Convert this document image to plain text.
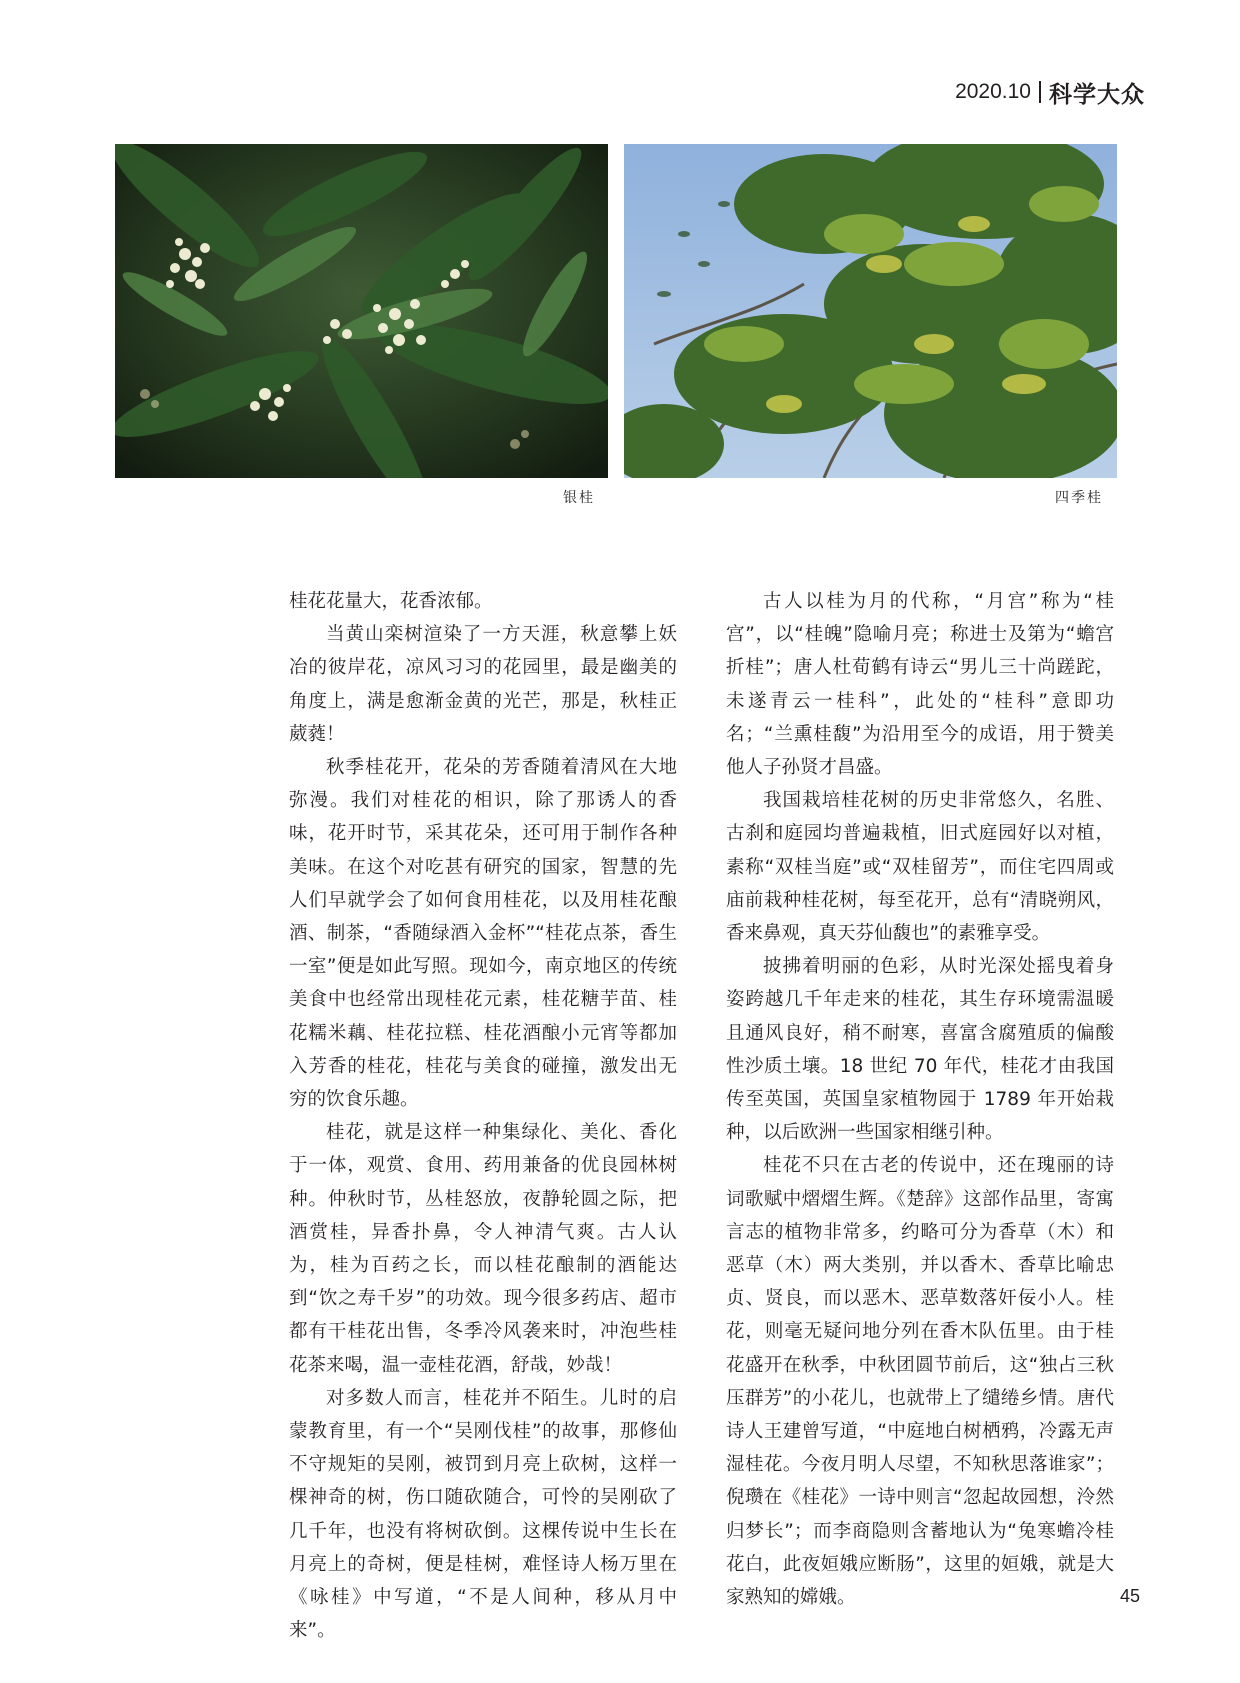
2020.10 科学大众
银桂	四季桂

桂花花量大，花香浓郁。

当黄山栾树渲染了一方天涯，秋意攀上妖冶的彼岸花，凉风习习的花园里，最是幽美的角度上，满是愈渐金黄的光芒，那是，秋桂正葳蕤！

秋季桂花开，花朵的芳香随着清风在大地弥漫。我们对桂花的相识，除了那诱人的香味，花开时节，采其花朵，还可用于制作各种美味。在这个对吃甚有研究的国家，智慧的先人们早就学会了如何食用桂花，以及用桂花酿酒、制茶，“香随绿酒入金杯”“桂花点茶，香生一室”便是如此写照。现如今，南京地区的传统美食中也经常出现桂花元素，桂花糖芋苗、桂花糯米藕、桂花拉糕、桂花酒酿小元宵等都加入芳香的桂花，桂花与美食的碰撞，激发出无穷的饮食乐趣。

桂花，就是这样一种集绿化、美化、香化于一体，观赏、食用、药用兼备的优良园林树种。仲秋时节，丛桂怒放，夜静轮圆之际，把酒赏桂，异香扑鼻，令人神清气爽。古人认为，桂为百药之长，而以桂花酿制的酒能达到“饮之寿千岁”的功效。现今很多药店、超市都有干桂花出售，冬季冷风袭来时，冲泡些桂花茶来喝，温一壶桂花酒，舒哉，妙哉！

对多数人而言，桂花并不陌生。儿时的启蒙教育里，有一个“吴刚伐桂”的故事，那修仙不守规矩的吴刚，被罚到月亮上砍树，这样一棵神奇的树，伤口随砍随合，可怜的吴刚砍了几千年，也没有将树砍倒。这棵传说中生长在月亮上的奇树，便是桂树，难怪诗人杨万里在《咏桂》中写道，“不是人间种，移从月中来”。

古人以桂为月的代称，“月宫”称为“桂宫”，以“桂魄”隐喻月亮；称进士及第为“蟾宫折桂”；唐人杜荀鹤有诗云“男儿三十尚蹉跎，未遂青云一桂科”，此处的“桂科”意即功名；“兰熏桂馥”为沿用至今的成语，用于赞美他人子孙贤才昌盛。

我国栽培桂花树的历史非常悠久，名胜、古刹和庭园均普遍栽植，旧式庭园好以对植，素称“双桂当庭”或“双桂留芳”，而住宅四周或庙前栽种桂花树，每至花开，总有“清晓朔风，香来鼻观，真天芬仙馥也”的素雅享受。

披拂着明丽的色彩，从时光深处摇曳着身姿跨越几千年走来的桂花，其生存环境需温暖且通风良好，稍不耐寒，喜富含腐殖质的偏酸性沙质土壤。18 世纪 70 年代，桂花才由我国传至英国，英国皇家植物园于 1789 年开始栽种，以后欧洲一些国家相继引种。

桂花不只在古老的传说中，还在瑰丽的诗词歌赋中熠熠生辉。《楚辞》这部作品里，寄寓言志的植物非常多，约略可分为香草（木）和恶草（木）两大类别，并以香木、香草比喻忠贞、贤良，而以恶木、恶草数落奸佞小人。桂花，则毫无疑问地分列在香木队伍里。由于桂花盛开在秋季，中秋团圆节前后，这“独占三秋压群芳”的小花儿，也就带上了缱绻乡情。唐代诗人王建曾写道，“中庭地白树栖鸦，冷露无声湿桂花。今夜月明人尽望，不知秋思落谁家”；倪瓒在《桂花》一诗中则言“忽起故园想，泠然归梦长”；而李商隐则含蓄地认为“兔寒蟾冷桂花白，此夜姮娥应断肠”，这里的姮娥，就是大家熟知的嫦娥。	45
